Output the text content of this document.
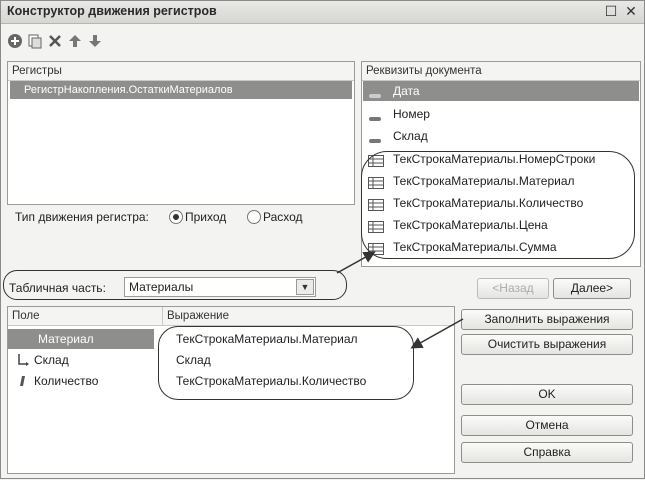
Конструктор движения регистров	☐ ✕
Регистры
РегистрНакопления.ОстаткиМатериалов
Тип движения регистра:	Приход	Расход
Реквизиты документа
Дата
Номер
Склад
ТекСтрокаМатериалы.НомерСтроки
ТекСтрокаМатериалы.Материал
ТекСтрокаМатериалы.Количество
ТекСтрокаМатериалы.Цена
ТекСтрокаМатериалы.Сумма
Табличная часть:	Материалы	▼	<Назад	Далее>
Поле	Выражение
Материал	ТекСтрокаМатериалы.Материал
Склад	Склад
Количество	ТекСтрокаМатериалы.Количество
Заполнить выражения
Очистить выражения
OK
Отмена
Справка
